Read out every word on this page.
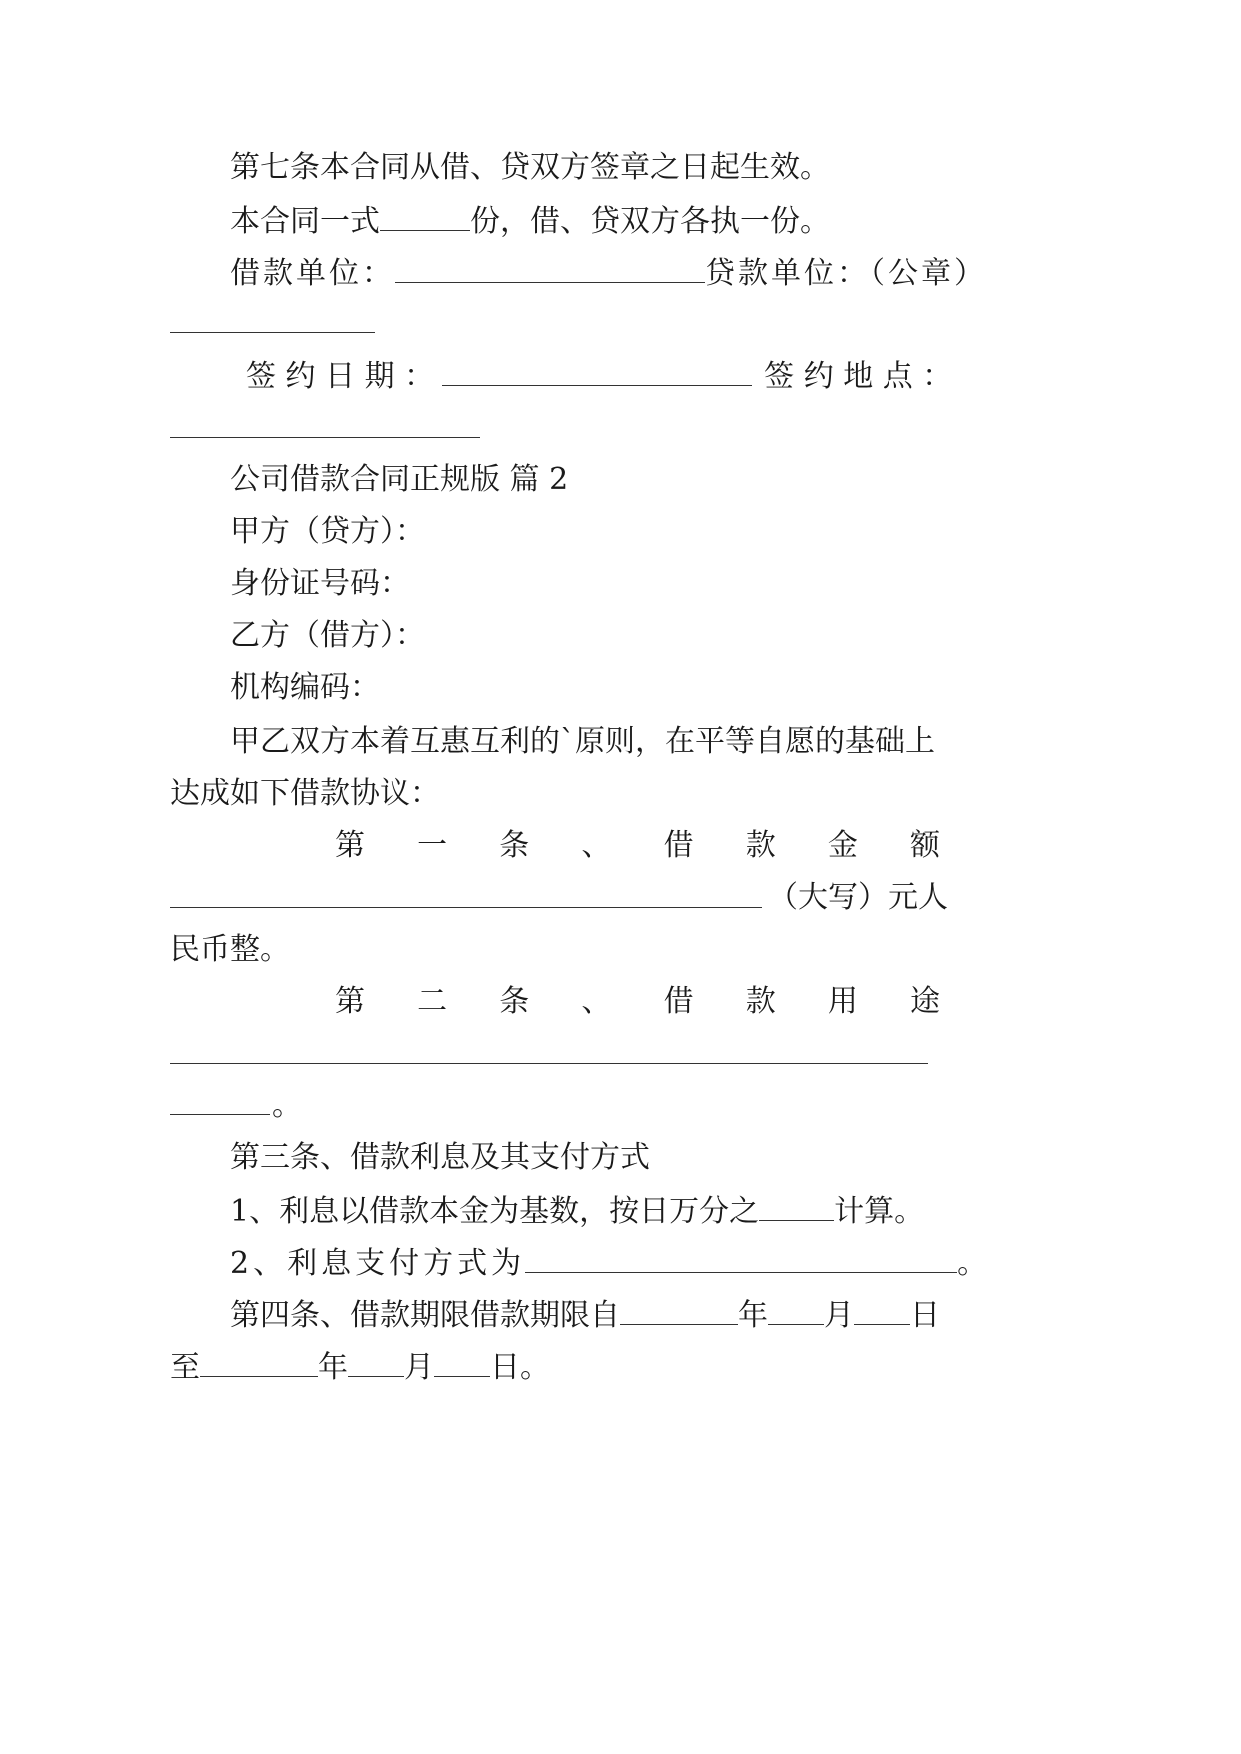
第七条本合同从借、贷双方签章之日起生效。
本合同一式	份，借、贷双方各执一份。
借款单位：	贷款单位：（公章）
签 约 日 期 ：	签 约 地 点 ：
公司借款合同正规版 篇 2
甲方（贷方）：
身份证号码：
乙方（借方）：
机构编码：
甲乙双方本着互惠互利的`原则，在平等自愿的基础上
达成如下借款协议：
第 一 条 、 借 款 金 额
（大写）元人
民币整。
第 二 条 、 借 款 用 途
。
第三条、借款利息及其支付方式
1、利息以借款本金为基数，按日万分之	计算。
2、利息支付方式为	。
第四条、借款期限借款期限自	年 月 日
至	年 月 日。
